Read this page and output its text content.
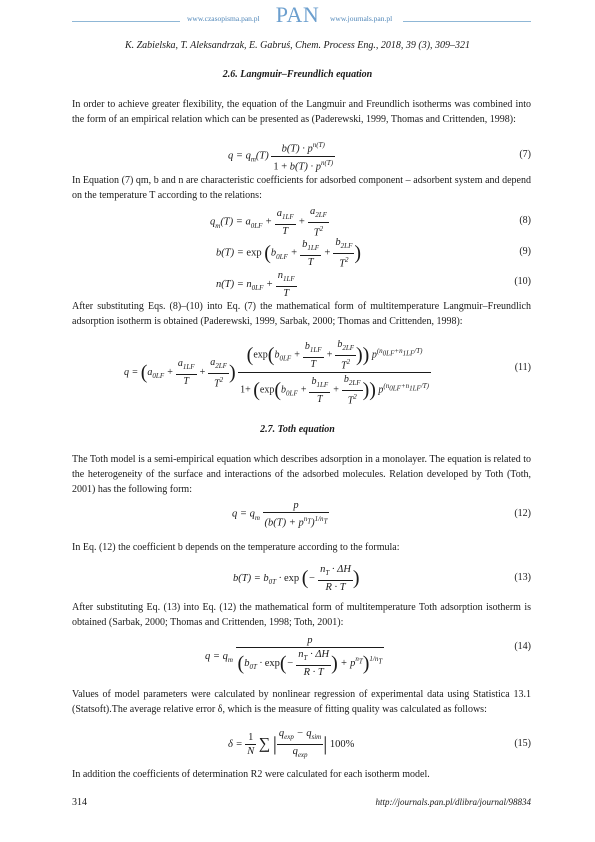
www.czasopisma.pan.pl PAN	www.journals.pan.pl
K. Zabielska, T. Aleksandrzak, E. Gabruś, Chem. Process Eng., 2018, 39 (3), 309–321
2.6. Langmuir–Freundlich equation
In order to achieve greater flexibility, the equation of the Langmuir and Freundlich isotherms was combined into the form of an empirical relation which can be presented as (Paderewski, 1999, Thomas and Crittenden, 1998):
$q = q_m(T) \frac{b(T) \cdot p^{n(T)}}{1 + b(T) \cdot p^{n(T)}}$	(7)
In Equation (7) qm, b and n are characteristic coefficients for adsorbed component – adsorbent system and depend on the temperature T according to the relations:
$q_m(T) = a_{0LF} + \frac{a_{1LF}}{T} + \frac{a_{2LF}}{T^2}$	(8)
$b(T) = \exp (b_{0LF} + \frac{b_{1LF}}{T} + \frac{b_{2LF}}{T^2}$ )	(9)
$n(T) = n_{0LF} + \frac{n_{1LF}}{T}$	(10)
After substituting Eqs. (8)–(10) into Eq. (7) the mathematical form of multitemperature Langmuir–Freundlich adsorption isotherm is obtained (Paderewski, 1999, Sarbak, 2000; Thomas and Crittenden, 1998):
$q = (a_{0LF} + \frac{a_{1LF}}{T} + \frac{a_{2LF}}{T^2}$ ) $\frac{(\exp(b_{0LF} + \frac{b_{1LF}}{T} + \frac{b_{2LF}}{T^2} )) p^{(n_{0LF}+n_{1LF}/T)}}{1+ (\exp(b_{0LF} + \frac{b_{1LF}}{T} + \frac{b_{2LF}}{T^2} )) p^{(n_{0LF}+n_{1LF}/T)}}$	(11)
2.7. Toth equation
The Toth model is a semi-empirical equation which describes adsorption in a monolayer. The equation is related to the heterogeneity of the surface and interactions of the adsorbed molecules. Relation developed by Toth (Toth, 2001) has the following form:
$q = q_m \frac{p}{(b(T) + p^{n_T})^{1/n_T}}$	(12)
In Eq. (12) the coefficient b depends on the temperature according to the formula:
$b(T) = b_{0T} \cdot \exp$ (− $\frac{n_T \cdot \Delta H}{R \cdot T}$ )	(13)
After substituting Eq. (13) into Eq. (12) the mathematical form of multitemperature Toth adsorption isotherm is obtained (Sarbak, 2000; Thomas and Crittenden, 1998; Toth, 2001):
$q = q_m \frac{p}{(b_{0T} \cdot \exp(- \frac{n_T \cdot \Delta H}{R \cdot T} ) + p^{n_T})^{1/n_T}}$	(14)
Values of model parameters were calculated by nonlinear regression of experimental data using Statistica 13.1 (Statsoft).The average relative error δ, which is the measure of fitting quality was calculated as follows:
$\delta = \frac{1}{N}$ ∑ | $\frac{q_{exp} - q_{sim}}{q_{exp}}$ | 100%	(15)
In addition the coefficients of determination R2 were calculated for each isotherm model.
314	http://journals.pan.pl/dlibra/journal/98834
